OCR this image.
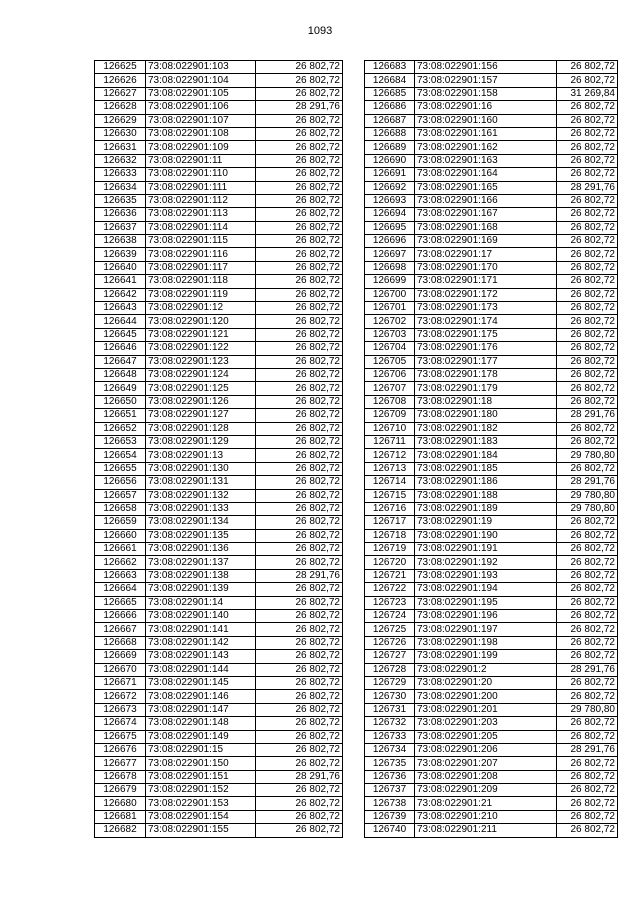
1093
126625	73:08:022901:103	26 802,72
126626	73:08:022901:104	26 802,72
126627	73:08:022901:105	26 802,72
126628	73:08:022901:106	28 291,76
126629	73:08:022901:107	26 802,72
126630	73:08:022901:108	26 802,72
126631	73:08:022901:109	26 802,72
126632	73:08:022901:11	26 802,72
126633	73:08:022901:110	26 802,72
126634	73:08:022901:111	26 802,72
126635	73:08:022901:112	26 802,72
126636	73:08:022901:113	26 802,72
126637	73:08:022901:114	26 802,72
126638	73:08:022901:115	26 802,72
126639	73:08:022901:116	26 802,72
126640	73:08:022901:117	26 802,72
126641	73:08:022901:118	26 802,72
126642	73:08:022901:119	26 802,72
126643	73:08:022901:12	26 802,72
126644	73:08:022901:120	26 802,72
126645	73:08:022901:121	26 802,72
126646	73:08:022901:122	26 802,72
126647	73:08:022901:123	26 802,72
126648	73:08:022901:124	26 802,72
126649	73:08:022901:125	26 802,72
126650	73:08:022901:126	26 802,72
126651	73:08:022901:127	26 802,72
126652	73:08:022901:128	26 802,72
126653	73:08:022901:129	26 802,72
126654	73:08:022901:13	26 802,72
126655	73:08:022901:130	26 802,72
126656	73:08:022901:131	26 802,72
126657	73:08:022901:132	26 802,72
126658	73:08:022901:133	26 802,72
126659	73:08:022901:134	26 802,72
126660	73:08:022901:135	26 802,72
126661	73:08:022901:136	26 802,72
126662	73:08:022901:137	26 802,72
126663	73:08:022901:138	28 291,76
126664	73:08:022901:139	26 802,72
126665	73:08:022901:14	26 802,72
126666	73:08:022901:140	26 802,72
126667	73:08:022901:141	26 802,72
126668	73:08:022901:142	26 802,72
126669	73:08:022901:143	26 802,72
126670	73:08:022901:144	26 802,72
126671	73:08:022901:145	26 802,72
126672	73:08:022901:146	26 802,72
126673	73:08:022901:147	26 802,72
126674	73:08:022901:148	26 802,72
126675	73:08:022901:149	26 802,72
126676	73:08:022901:15	26 802,72
126677	73:08:022901:150	26 802,72
126678	73:08:022901:151	28 291,76
126679	73:08:022901:152	26 802,72
126680	73:08:022901:153	26 802,72
126681	73:08:022901:154	26 802,72
126682	73:08:022901:155	26 802,72
126683	73:08:022901:156	26 802,72
126684	73:08:022901:157	26 802,72
126685	73:08:022901:158	31 269,84
126686	73:08:022901:16	26 802,72
126687	73:08:022901:160	26 802,72
126688	73:08:022901:161	26 802,72
126689	73:08:022901:162	26 802,72
126690	73:08:022901:163	26 802,72
126691	73:08:022901:164	26 802,72
126692	73:08:022901:165	28 291,76
126693	73:08:022901:166	26 802,72
126694	73:08:022901:167	26 802,72
126695	73:08:022901:168	26 802,72
126696	73:08:022901:169	26 802,72
126697	73:08:022901:17	26 802,72
126698	73:08:022901:170	26 802,72
126699	73:08:022901:171	26 802,72
126700	73:08:022901:172	26 802,72
126701	73:08:022901:173	26 802,72
126702	73:08:022901:174	26 802,72
126703	73:08:022901:175	26 802,72
126704	73:08:022901:176	26 802,72
126705	73:08:022901:177	26 802,72
126706	73:08:022901:178	26 802,72
126707	73:08:022901:179	26 802,72
126708	73:08:022901:18	26 802,72
126709	73:08:022901:180	28 291,76
126710	73:08:022901:182	26 802,72
126711	73:08:022901:183	26 802,72
126712	73:08:022901:184	29 780,80
126713	73:08:022901:185	26 802,72
126714	73:08:022901:186	28 291,76
126715	73:08:022901:188	29 780,80
126716	73:08:022901:189	29 780,80
126717	73:08:022901:19	26 802,72
126718	73:08:022901:190	26 802,72
126719	73:08:022901:191	26 802,72
126720	73:08:022901:192	26 802,72
126721	73:08:022901:193	26 802,72
126722	73:08:022901:194	26 802,72
126723	73:08:022901:195	26 802,72
126724	73:08:022901:196	26 802,72
126725	73:08:022901:197	26 802,72
126726	73:08:022901:198	26 802,72
126727	73:08:022901:199	26 802,72
126728	73:08:022901:2	28 291,76
126729	73:08:022901:20	26 802,72
126730	73:08:022901:200	26 802,72
126731	73:08:022901:201	29 780,80
126732	73:08:022901:203	26 802,72
126733	73:08:022901:205	26 802,72
126734	73:08:022901:206	28 291,76
126735	73:08:022901:207	26 802,72
126736	73:08:022901:208	26 802,72
126737	73:08:022901:209	26 802,72
126738	73:08:022901:21	26 802,72
126739	73:08:022901:210	26 802,72
126740	73:08:022901:211	26 802,72
